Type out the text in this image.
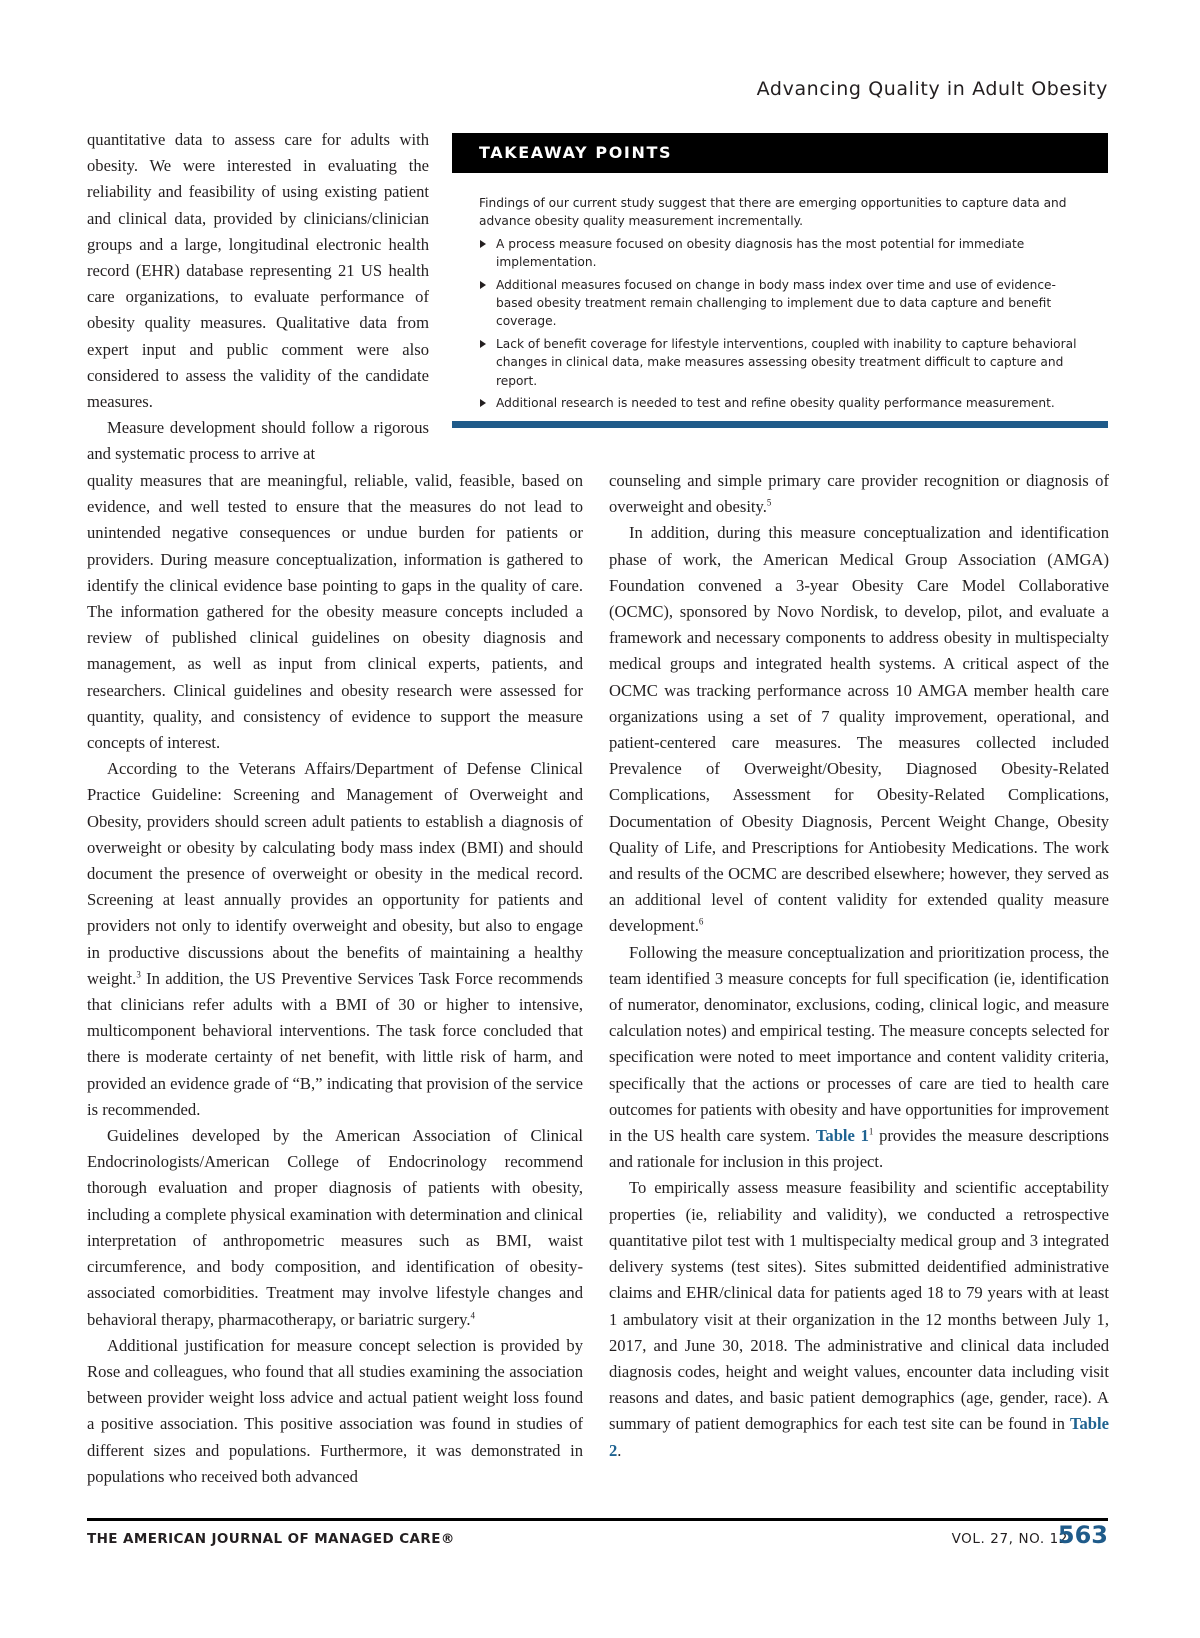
Advancing Quality in Adult Obesity

quantitative data to assess care for adults with obesity. We were interested in evaluating the reliability and feasibility of using existing patient and clinical data, provided by clinicians/clinician groups and a large, longitudinal electronic health record (EHR) database representing 21 US health care organizations, to evaluate performance of obesity quality measures. Qualitative data from expert input and public comment were also considered to assess the validity of the candidate measures.

Measure development should follow a rigorous and systematic process to arrive at

TAKEAWAY POINTS

Findings of our current study suggest that there are emerging opportunities to capture data and advance obesity quality measurement incrementally.

A process measure focused on obesity diagnosis has the most potential for immediate implementation.
Additional measures focused on change in body mass index over time and use of evidence-based obesity treatment remain challenging to implement due to data capture and benefit coverage.
Lack of benefit coverage for lifestyle interventions, coupled with inability to capture behavioral changes in clinical data, make measures assessing obesity treatment difficult to capture and report.
Additional research is needed to test and refine obesity quality performance measurement.

quality measures that are meaningful, reliable, valid, feasible, based on evidence, and well tested to ensure that the measures do not lead to unintended negative consequences or undue burden for patients or providers. During measure conceptualization, information is gathered to identify the clinical evidence base pointing to gaps in the quality of care. The information gathered for the obesity measure concepts included a review of published clinical guidelines on obesity diagnosis and management, as well as input from clinical experts, patients, and researchers. Clinical guidelines and obesity research were assessed for quantity, quality, and consistency of evidence to support the measure concepts of interest.

According to the Veterans Affairs/Department of Defense Clinical Practice Guideline: Screening and Management of Overweight and Obesity, providers should screen adult patients to establish a diagnosis of overweight or obesity by calculating body mass index (BMI) and should document the presence of overweight or obesity in the medical record. Screening at least annually provides an opportunity for patients and providers not only to identify overweight and obesity, but also to engage in productive discussions about the benefits of maintaining a healthy weight.$^3$ In addition, the US Preventive Services Task Force recommends that clinicians refer adults with a BMI of 30 or higher to intensive, multicomponent behavioral interventions. The task force concluded that there is moderate certainty of net benefit, with little risk of harm, and provided an evidence grade of “B,” indicating that provision of the service is recommended.

Guidelines developed by the American Association of Clinical Endocrinologists/American College of Endocrinology recommend thorough evaluation and proper diagnosis of patients with obesity, including a complete physical examination with determination and clinical interpretation of anthropometric measures such as BMI, waist circumference, and body composition, and identification of obesity-associated comorbidities. Treatment may involve lifestyle changes and behavioral therapy, pharmacotherapy, or bariatric surgery.$^4$

Additional justification for measure concept selection is provided by Rose and colleagues, who found that all studies examining the association between provider weight loss advice and actual patient weight loss found a positive association. This positive association was found in studies of different sizes and populations. Furthermore, it was demonstrated in populations who received both advanced

counseling and simple primary care provider recognition or diagnosis of overweight and obesity.$^5$

In addition, during this measure conceptualization and identification phase of work, the American Medical Group Association (AMGA) Foundation convened a 3-year Obesity Care Model Collaborative (OCMC), sponsored by Novo Nordisk, to develop, pilot, and evaluate a framework and necessary components to address obesity in multispecialty medical groups and integrated health systems. A critical aspect of the OCMC was tracking performance across 10 AMGA member health care organizations using a set of 7 quality improvement, operational, and patient-centered care measures. The measures collected included Prevalence of Overweight/Obesity, Diagnosed Obesity-Related Complications, Assessment for Obesity-Related Complications, Documentation of Obesity Diagnosis, Percent Weight Change, Obesity Quality of Life, and Prescriptions for Antiobesity Medications. The work and results of the OCMC are described elsewhere; however, they served as an additional level of content validity for extended quality measure development.$^6$

Following the measure conceptualization and prioritization process, the team identified 3 measure concepts for full specification (ie, identification of numerator, denominator, exclusions, coding, clinical logic, and measure calculation notes) and empirical testing. The measure concepts selected for specification were noted to meet importance and content validity criteria, specifically that the actions or processes of care are tied to health care outcomes for patients with obesity and have opportunities for improvement in the US health care system. Table $1^1$ provides the measure descriptions and rationale for inclusion in this project.

To empirically assess measure feasibility and scientific acceptability properties (ie, reliability and validity), we conducted a retrospective quantitative pilot test with 1 multispecialty medical group and 3 integrated delivery systems (test sites). Sites submitted deidentified administrative claims and EHR/clinical data for patients aged 18 to 79 years with at least 1 ambulatory visit at their organization in the 12 months between July 1, 2017, and June 30, 2018. The administrative and clinical data included diagnosis codes, height and weight values, encounter data including visit reasons and dates, and basic patient demographics (age, gender, race). A summary of patient demographics for each test site can be found in Table 2.

THE AMERICAN JOURNAL OF MANAGED CARE®	VOL. 27, NO. 12
563
